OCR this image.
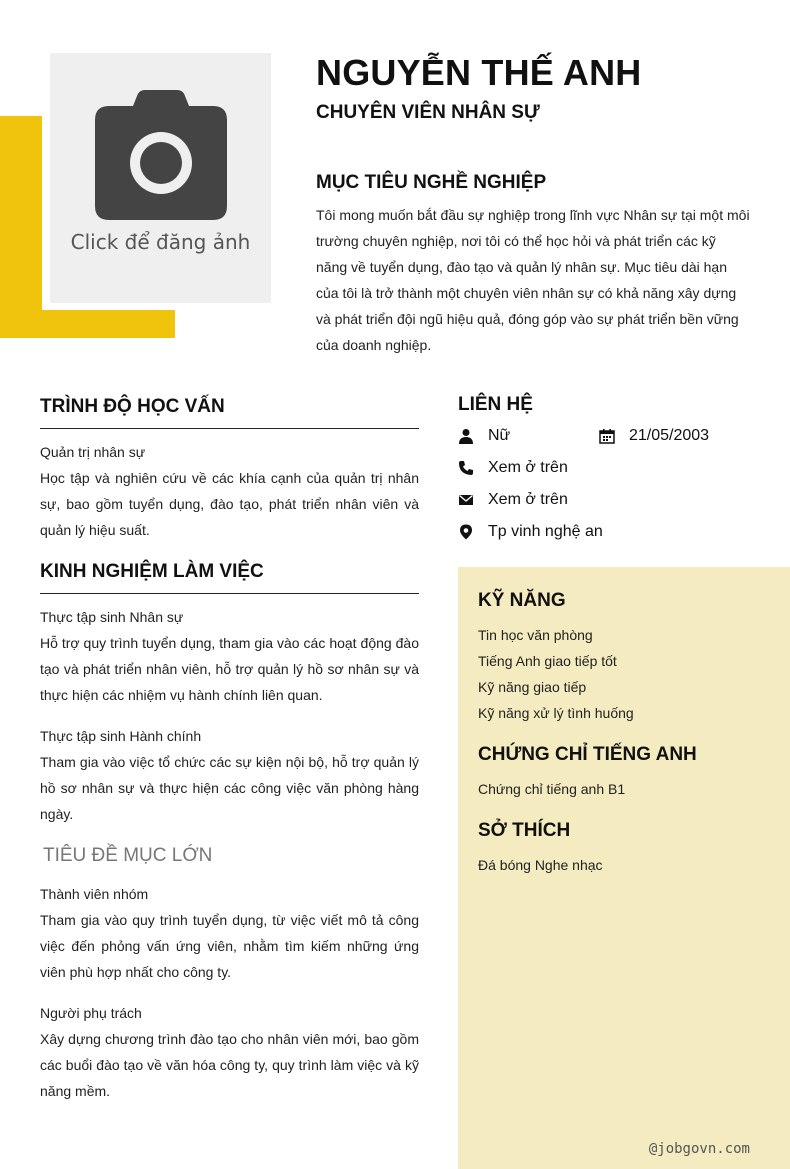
Click để đăng ảnh
NGUYỄN THẾ ANH
CHUYÊN VIÊN NHÂN SỰ
MỤC TIÊU NGHỀ NGHIỆP
Tôi mong muốn bắt đầu sự nghiệp trong lĩnh vực Nhân sự tại một môi trường chuyên nghiệp, nơi tôi có thể học hỏi và phát triển các kỹ năng về tuyển dụng, đào tạo và quản lý nhân sự. Mục tiêu dài hạn của tôi là trở thành một chuyên viên nhân sự có khả năng xây dựng và phát triển đội ngũ hiệu quả, đóng góp vào sự phát triển bền vững của doanh nghiệp.
TRÌNH ĐỘ HỌC VẤN
Quản trị nhân sự
Học tập và nghiên cứu về các khía cạnh của quản trị nhân sự, bao gồm tuyển dụng, đào tạo, phát triển nhân viên và quản lý hiệu suất.
KINH NGHIỆM LÀM VIỆC
Thực tập sinh Nhân sự
Hỗ trợ quy trình tuyển dụng, tham gia vào các hoạt động đào tạo và phát triển nhân viên, hỗ trợ quản lý hồ sơ nhân sự và thực hiện các nhiệm vụ hành chính liên quan.
Thực tập sinh Hành chính
Tham gia vào việc tổ chức các sự kiện nội bộ, hỗ trợ quản lý hồ sơ nhân sự và thực hiện các công việc văn phòng hàng ngày.
TIÊU ĐỀ MỤC LỚN
Thành viên nhóm
Tham gia vào quy trình tuyển dụng, từ việc viết mô tả công việc đến phỏng vấn ứng viên, nhằm tìm kiếm những ứng viên phù hợp nhất cho công ty.
Người phụ trách
Xây dựng chương trình đào tạo cho nhân viên mới, bao gồm các buổi đào tạo về văn hóa công ty, quy trình làm việc và kỹ năng mềm.
LIÊN HỆ
Nữ	21/05/2003
Xem ở trên
Xem ở trên
Tp vinh nghệ an
KỸ NĂNG
Tin học văn phòng
Tiếng Anh giao tiếp tốt
Kỹ năng giao tiếp
Kỹ năng xử lý tình huống
CHỨNG CHỈ TIẾNG ANH
Chứng chỉ tiếng anh B1
SỞ THÍCH
Đá bóng Nghe nhạc
@jobgovn.com
